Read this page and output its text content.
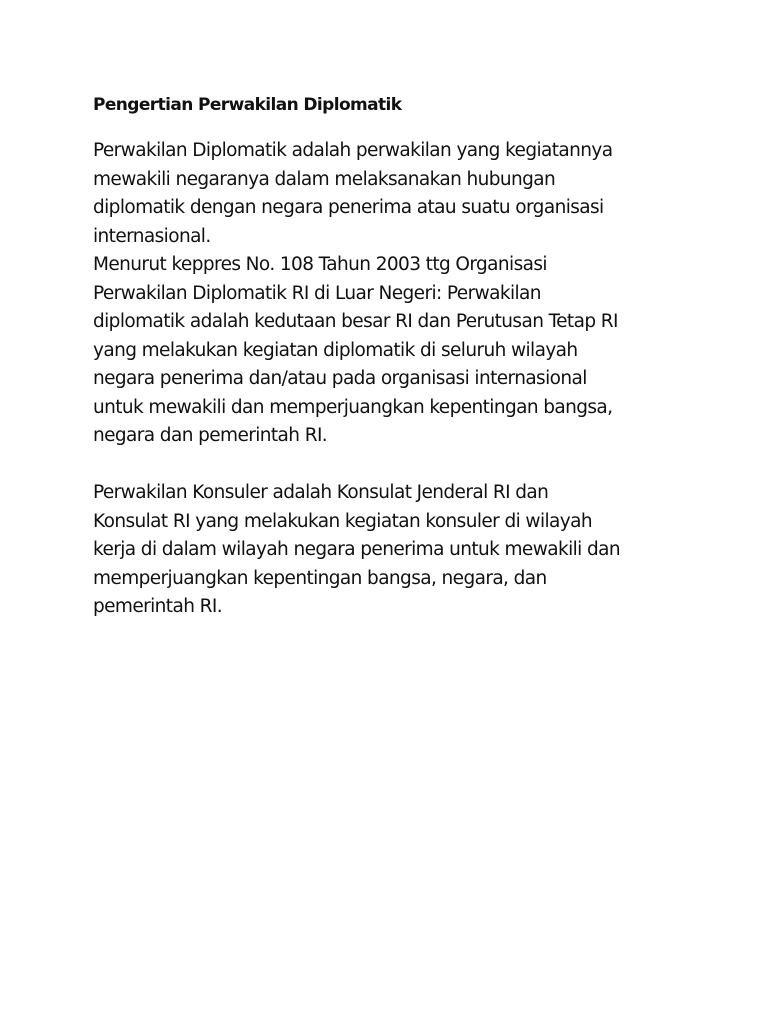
Pengertian Perwakilan Diplomatik
Perwakilan Diplomatik adalah perwakilan yang kegiatannya
mewakili negaranya dalam melaksanakan hubungan
diplomatik dengan negara penerima atau suatu organisasi
internasional.
Menurut keppres No. 108 Tahun 2003 ttg Organisasi
Perwakilan Diplomatik RI di Luar Negeri: Perwakilan
diplomatik adalah kedutaan besar RI dan Perutusan Tetap RI
yang melakukan kegiatan diplomatik di seluruh wilayah
negara penerima dan/atau pada organisasi internasional
untuk mewakili dan memperjuangkan kepentingan bangsa,
negara dan pemerintah RI.
Perwakilan Konsuler adalah Konsulat Jenderal RI dan
Konsulat RI yang melakukan kegiatan konsuler di wilayah
kerja di dalam wilayah negara penerima untuk mewakili dan
memperjuangkan kepentingan bangsa, negara, dan
pemerintah RI.
